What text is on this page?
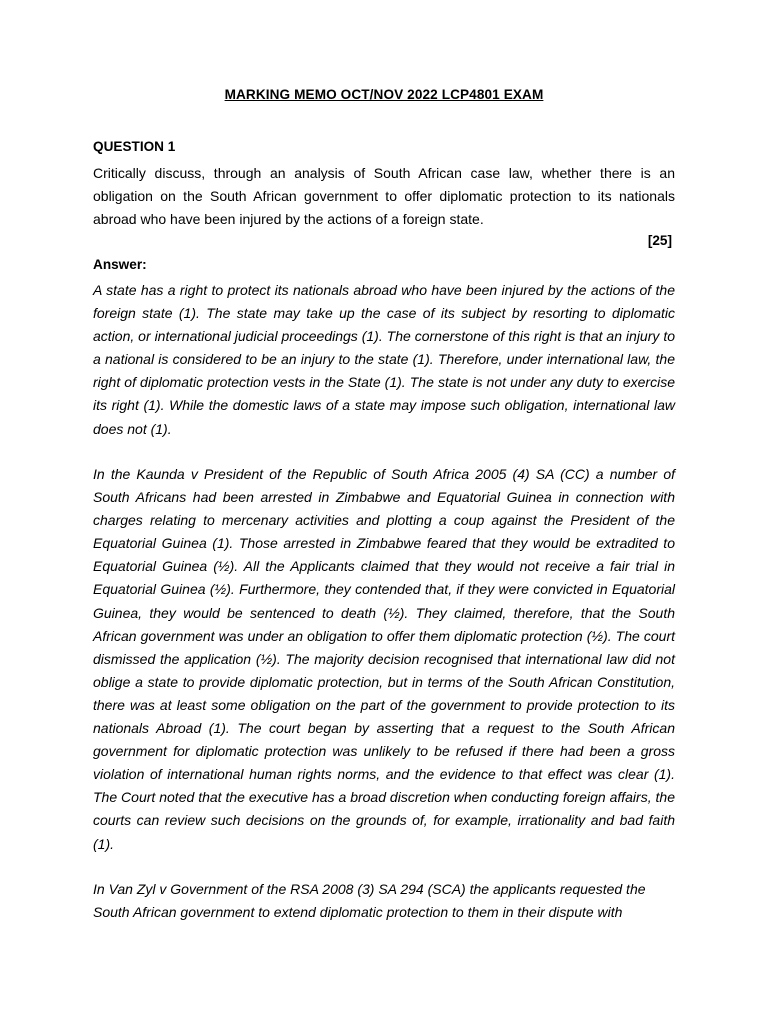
MARKING MEMO OCT/NOV 2022 LCP4801 EXAM
QUESTION 1
Critically discuss, through an analysis of South African case law, whether there is an obligation on the South African government to offer diplomatic protection to its nationals abroad who have been injured by the actions of a foreign state.
[25]
Answer:

A state has a right to protect its nationals abroad who have been injured by the actions of the foreign state (1). The state may take up the case of its subject by resorting to diplomatic action, or international judicial proceedings (1). The cornerstone of this right is that an injury to a national is considered to be an injury to the state (1). Therefore, under international law, the right of diplomatic protection vests in the State (1). The state is not under any duty to exercise its right (1). While the domestic laws of a state may impose such obligation, international law does not (1).

In the Kaunda v President of the Republic of South Africa 2005 (4) SA (CC) a number of South Africans had been arrested in Zimbabwe and Equatorial Guinea in connection with charges relating to mercenary activities and plotting a coup against the President of the Equatorial Guinea (1). Those arrested in Zimbabwe feared that they would be extradited to Equatorial Guinea (½). All the Applicants claimed that they would not receive a fair trial in Equatorial Guinea (½). Furthermore, they contended that, if they were convicted in Equatorial Guinea, they would be sentenced to death (½). They claimed, therefore, that the South African government was under an obligation to offer them diplomatic protection (½). The court dismissed the application (½). The majority decision recognised that international law did not oblige a state to provide diplomatic protection, but in terms of the South African Constitution, there was at least some obligation on the part of the government to provide protection to its nationals Abroad (1). The court began by asserting that a request to the South African government for diplomatic protection was unlikely to be refused if there had been a gross violation of international human rights norms, and the evidence to that effect was clear (1). The Court noted that the executive has a broad discretion when conducting foreign affairs, the courts can review such decisions on the grounds of, for example, irrationality and bad faith (1).

In Van Zyl v Government of the RSA 2008 (3) SA 294 (SCA) the applicants requested the South African government to extend diplomatic protection to them in their dispute with
